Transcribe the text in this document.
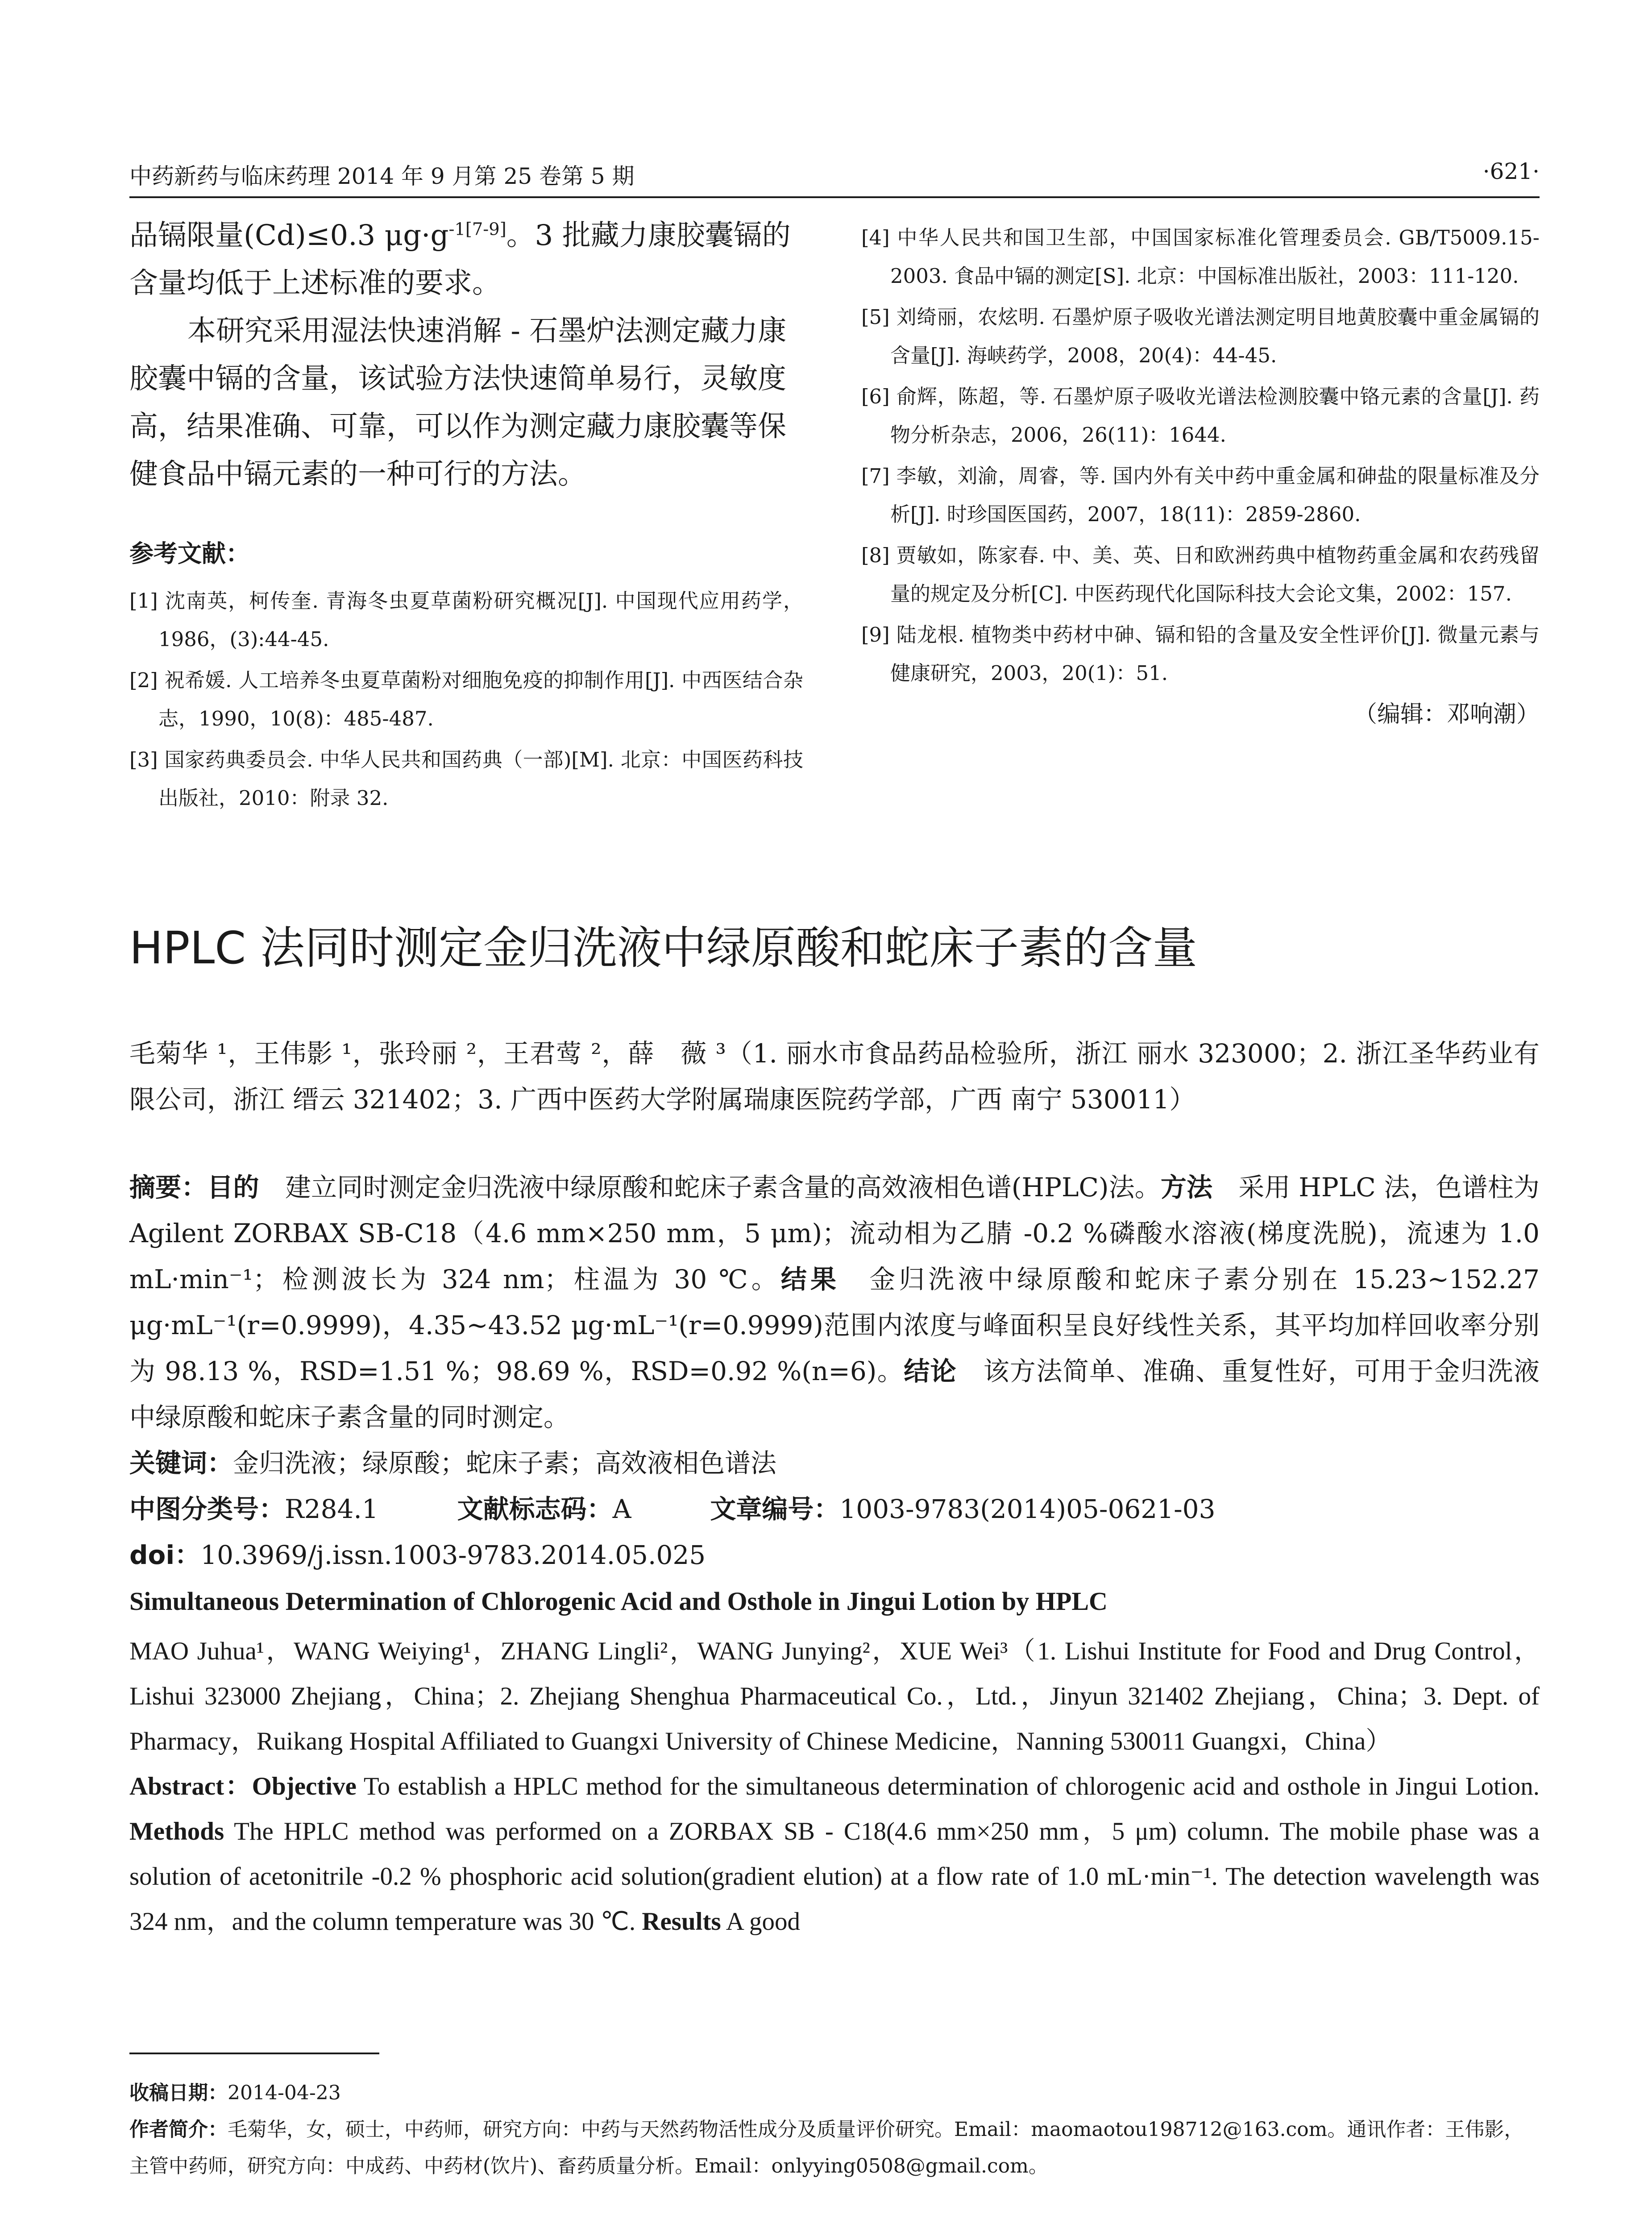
中药新药与临床药理 2014 年 9 月第 25 卷第 5 期	·621·

品镉限量(Cd)≤0.3 $\mu g\cdot g^{-1[7-9]}$。3 批藏力康胶囊镉的含量均低于上述标准的要求。

本研究采用湿法快速消解 - 石墨炉法测定藏力康胶囊中镉的含量，该试验方法快速简单易行，灵敏度高，结果准确、可靠，可以作为测定藏力康胶囊等保健食品中镉元素的一种可行的方法。

参考文献：

[1] 沈南英，柯传奎. 青海冬虫夏草菌粉研究概况[J]. 中国现代应用药学，1986，(3):44-45.

[2] 祝希媛. 人工培养冬虫夏草菌粉对细胞免疫的抑制作用[J]. 中西医结合杂志，1990，10(8)：485-487.

[3] 国家药典委员会. 中华人民共和国药典（一部)[M]. 北京：中国医药科技出版社，2010：附录 32.

[4] 中华人民共和国卫生部，中国国家标准化管理委员会. GB/T5009.15-2003. 食品中镉的测定[S]. 北京：中国标准出版社，2003：111-120.

[5] 刘绮丽，农炫明. 石墨炉原子吸收光谱法测定明目地黄胶囊中重金属镉的含量[J]. 海峡药学，2008，20(4)：44-45.

[6] 俞辉，陈超，等. 石墨炉原子吸收光谱法检测胶囊中铬元素的含量[J]. 药物分析杂志，2006，26(11)：1644.

[7] 李敏，刘渝，周睿，等. 国内外有关中药中重金属和砷盐的限量标准及分析[J]. 时珍国医国药，2007，18(11)：2859-2860.

[8] 贾敏如，陈家春. 中、美、英、日和欧洲药典中植物药重金属和农药残留量的规定及分析[C]. 中医药现代化国际科技大会论文集，2002：157.

[9] 陆龙根. 植物类中药材中砷、镉和铅的含量及安全性评价[J]. 微量元素与健康研究，2003，20(1)：51.

（编辑：邓响潮）
HPLC 法同时测定金归洗液中绿原酸和蛇床子素的含量
毛菊华 ¹，王伟影 ¹，张玲丽 ²，王君莺 ²，薛　薇 ³（1. 丽水市食品药品检验所，浙江 丽水 323000；2. 浙江圣华药业有限公司，浙江 缙云 321402；3. 广西中医药大学附属瑞康医院药学部，广西 南宁 530011）
摘要：目的　建立同时测定金归洗液中绿原酸和蛇床子素含量的高效液相色谱(HPLC)法。方法　采用 HPLC 法，色谱柱为 Agilent ZORBAX SB-C18（4.6 mm×250 mm，5 μm)；流动相为乙腈 -0.2 %磷酸水溶液(梯度洗脱)，流速为 1.0 mL·min⁻¹；检测波长为 324 nm；柱温为 30 ℃。结果　金归洗液中绿原酸和蛇床子素分别在 15.23~152.27 μg·mL⁻¹(r=0.9999)，4.35~43.52 μg·mL⁻¹(r=0.9999)范围内浓度与峰面积呈良好线性关系，其平均加样回收率分别为 98.13 %，RSD=1.51 %；98.69 %，RSD=0.92 %(n=6)。结论　该方法简单、准确、重复性好，可用于金归洗液中绿原酸和蛇床子素含量的同时测定。
关键词：金归洗液；绿原酸；蛇床子素；高效液相色谱法
中图分类号：R284.1	文献标志码：A	文章编号：1003-9783(2014)05-0621-03
doi：10.3969/j.issn.1003-9783.2014.05.025
Simultaneous Determination of Chlorogenic Acid and Osthole in Jingui Lotion by HPLC
MAO Juhua¹，WANG Weiying¹，ZHANG Lingli²，WANG Junying²，XUE Wei³（1. Lishui Institute for Food and Drug Control，Lishui 323000 Zhejiang，China；2. Zhejiang Shenghua Pharmaceutical Co.，Ltd.，Jinyun 321402 Zhejiang，China；3. Dept. of Pharmacy，Ruikang Hospital Affiliated to Guangxi University of Chinese Medicine，Nanning 530011 Guangxi，China）
Abstract：Objective To establish a HPLC method for the simultaneous determination of chlorogenic acid and osthole in Jingui Lotion. Methods The HPLC method was performed on a ZORBAX SB - C18(4.6 mm×250 mm，5 μm) column. The mobile phase was a solution of acetonitrile -0.2 % phosphoric acid solution(gradient elution) at a flow rate of 1.0 mL·min⁻¹. The detection wavelength was 324 nm，and the column temperature was 30 ℃. Results A good
收稿日期：2014-04-23
作者简介：毛菊华，女，硕士，中药师，研究方向：中药与天然药物活性成分及质量评价研究。Email：maomaotou198712@163.com。通讯作者：王伟影，主管中药师，研究方向：中成药、中药材(饮片)、畜药质量分析。Email：onlyying0508@gmail.com。
